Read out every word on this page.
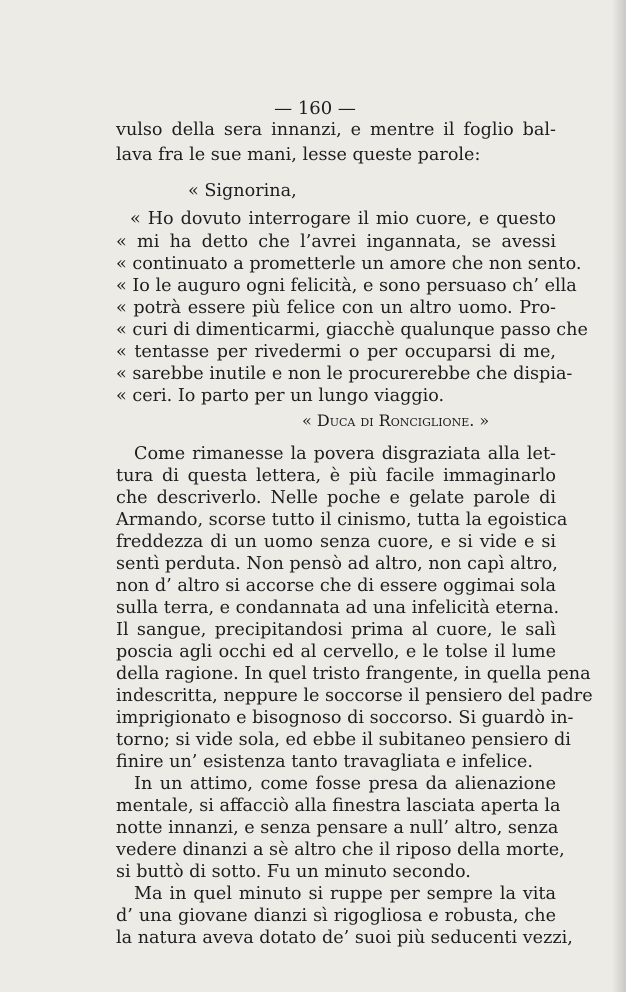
— 160 —
vulso della sera innanzi, e mentre il foglio bal-
lava fra le sue mani, lesse queste parole:
« Signorina,
« Ho dovuto interrogare il mio cuore, e questo
« mi ha detto che l’avrei ingannata, se avessi
« continuato a prometterle un amore che non sento.
« Io le auguro ogni felicità, e sono persuaso ch’ ella
« potrà essere più felice con un altro uomo. Pro-
« curi di dimenticarmi, giacchè qualunque passo che
« tentasse per rivedermi o per occuparsi di me,
« sarebbe inutile e non le procurerebbe che dispia-
« ceri. Io parto per un lungo viaggio.
« Duca di Ronciglione. »
Come rimanesse la povera disgraziata alla let-
tura di questa lettera, è più facile immaginarlo
che descriverlo. Nelle poche e gelate parole di
Armando, scorse tutto il cinismo, tutta la egoistica
freddezza di un uomo senza cuore, e si vide e si
sentì perduta. Non pensò ad altro, non capì altro,
non d’ altro si accorse che di essere oggimai sola
sulla terra, e condannata ad una infelicità eterna.
Il sangue, precipitandosi prima al cuore, le salì
poscia agli occhi ed al cervello, e le tolse il lume
della ragione. In quel tristo frangente, in quella pena
indescritta, neppure le soccorse il pensiero del padre
imprigionato e bisognoso di soccorso. Si guardò in-
torno; si vide sola, ed ebbe il subitaneo pensiero di
finire un’ esistenza tanto travagliata e infelice.
In un attimo, come fosse presa da alienazione
mentale, si affacciò alla finestra lasciata aperta la
notte innanzi, e senza pensare a null’ altro, senza
vedere dinanzi a sè altro che il riposo della morte,
si buttò di sotto. Fu un minuto secondo.
Ma in quel minuto si ruppe per sempre la vita
d’ una giovane dianzi sì rigogliosa e robusta, che
la natura aveva dotato de’ suoi più seducenti vezzi,
